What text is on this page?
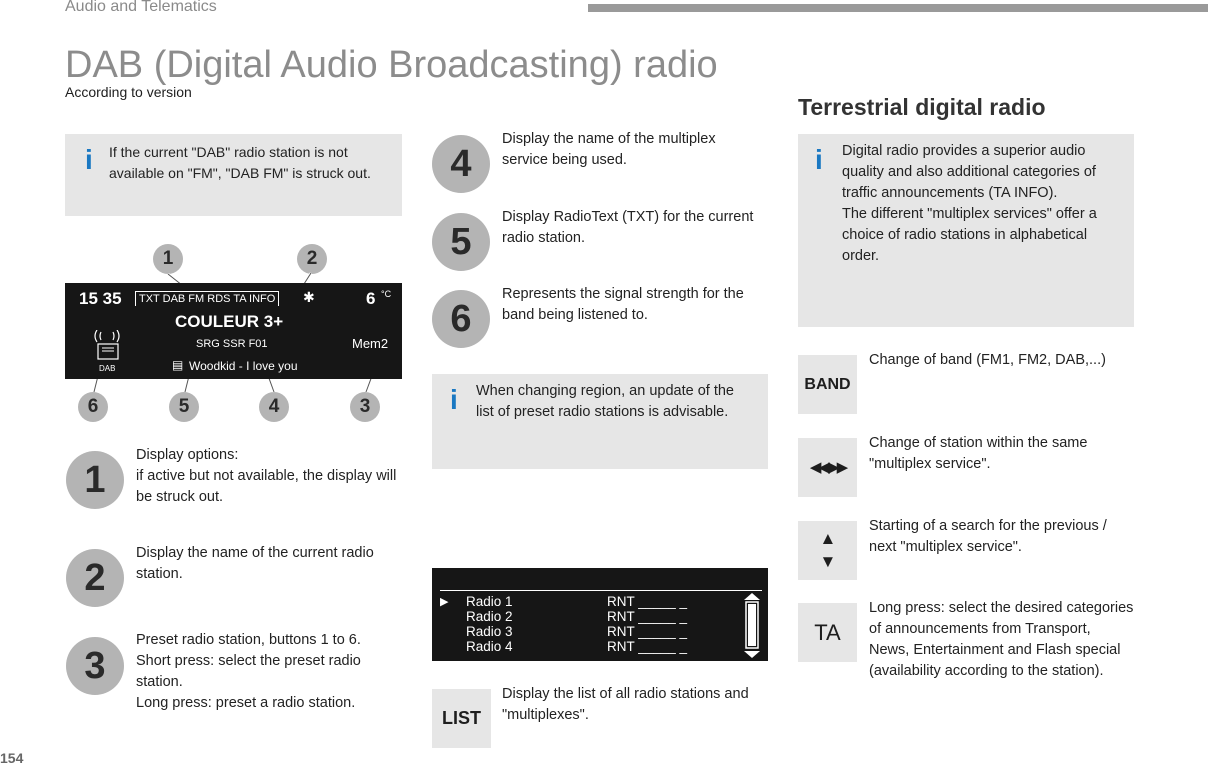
Audio and Telematics
DAB (Digital Audio Broadcasting) radio
According to version
i If the current "DAB" radio station is not available on "FM", "DAB FM" is struck out.
1	2
6	5	4	3
15 35	TXT DAB FM RDS TA INFO ✱	6 °C
COULEUR 3+
SRG SSR F01	Mem2
DAB	▤ Woodkid - I love you
1
Display options:
if active but not available, the display will be struck out.
2
Display the name of the current radio station.
3
Preset radio station, buttons 1 to 6.
Short press: select the preset radio station.
Long press: preset a radio station.
4
Display the name of the multiplex service being used.
5
Display RadioText (TXT) for the current radio station.
6
Represents the signal strength for the band being listened to.
i When changing region, an update of the list of preset radio stations is advisable.
▶ Radio 1	RNT _____ _
Radio 2	RNT _____ _
Radio 3	RNT _____ _
Radio 4	RNT _____ _
LIST
Display the list of all radio stations and "multiplexes".
Terrestrial digital radio
i Digital radio provides a superior audio quality and also additional categories of traffic announcements (TA INFO).
The different "multiplex services" offer a choice of radio stations in alphabetical order.
BAND
Change of band (FM1, FM2, DAB,...)
◀◀ ▶▶
Change of station within the same "multiplex service".
▲ ▼
Starting of a search for the previous / next "multiplex service".
TA
Long press: select the desired categories of announcements from Transport, News, Entertainment and Flash special (availability according to the station).
154
